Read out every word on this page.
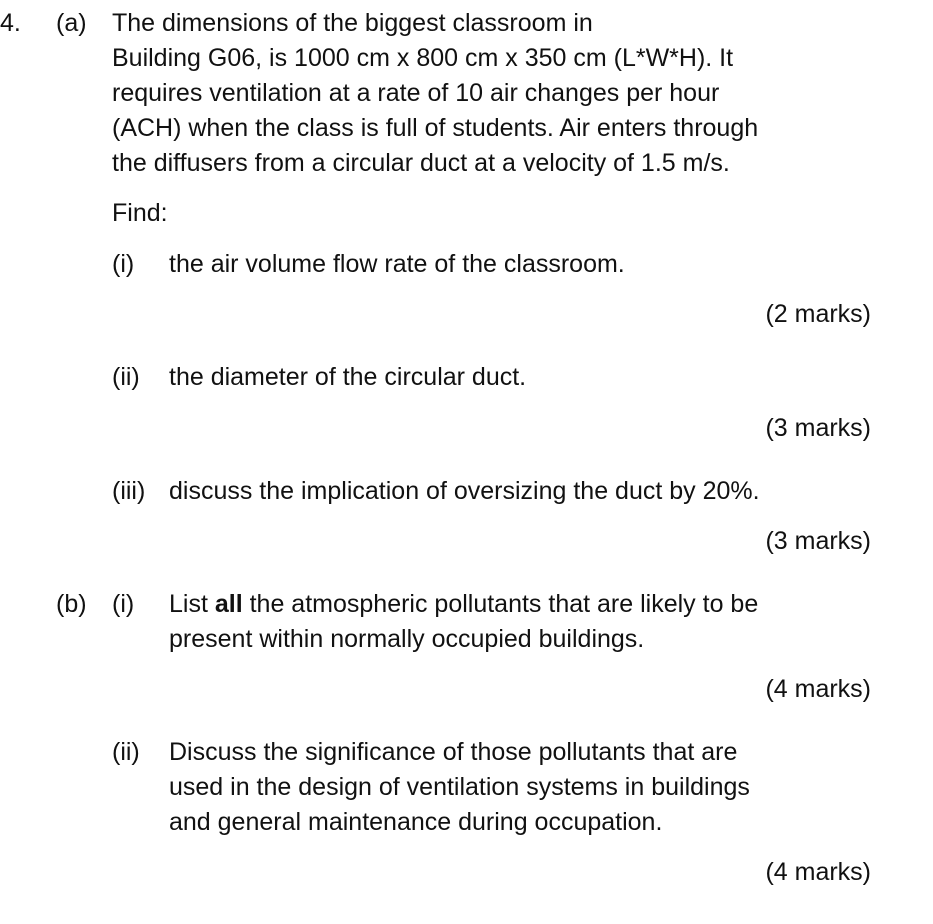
4. (a) The dimensions of the biggest classroom in
Building G06, is 1000 cm x 800 cm x 350 cm (L*W*H). It
requires ventilation at a rate of 10 air changes per hour
(ACH) when the class is full of students. Air enters through
the diffusers from a circular duct at a velocity of 1.5 m/s.
Find:
(i) the air volume flow rate of the classroom.
(2 marks)
(ii) the diameter of the circular duct.
(3 marks)
(iii) discuss the implication of oversizing the duct by 20%.
(3 marks)
(b) (i) List all the atmospheric pollutants that are likely to be
present within normally occupied buildings.
(4 marks)
(ii) Discuss the significance of those pollutants that are
used in the design of ventilation systems in buildings
and general maintenance during occupation.
(4 marks)
